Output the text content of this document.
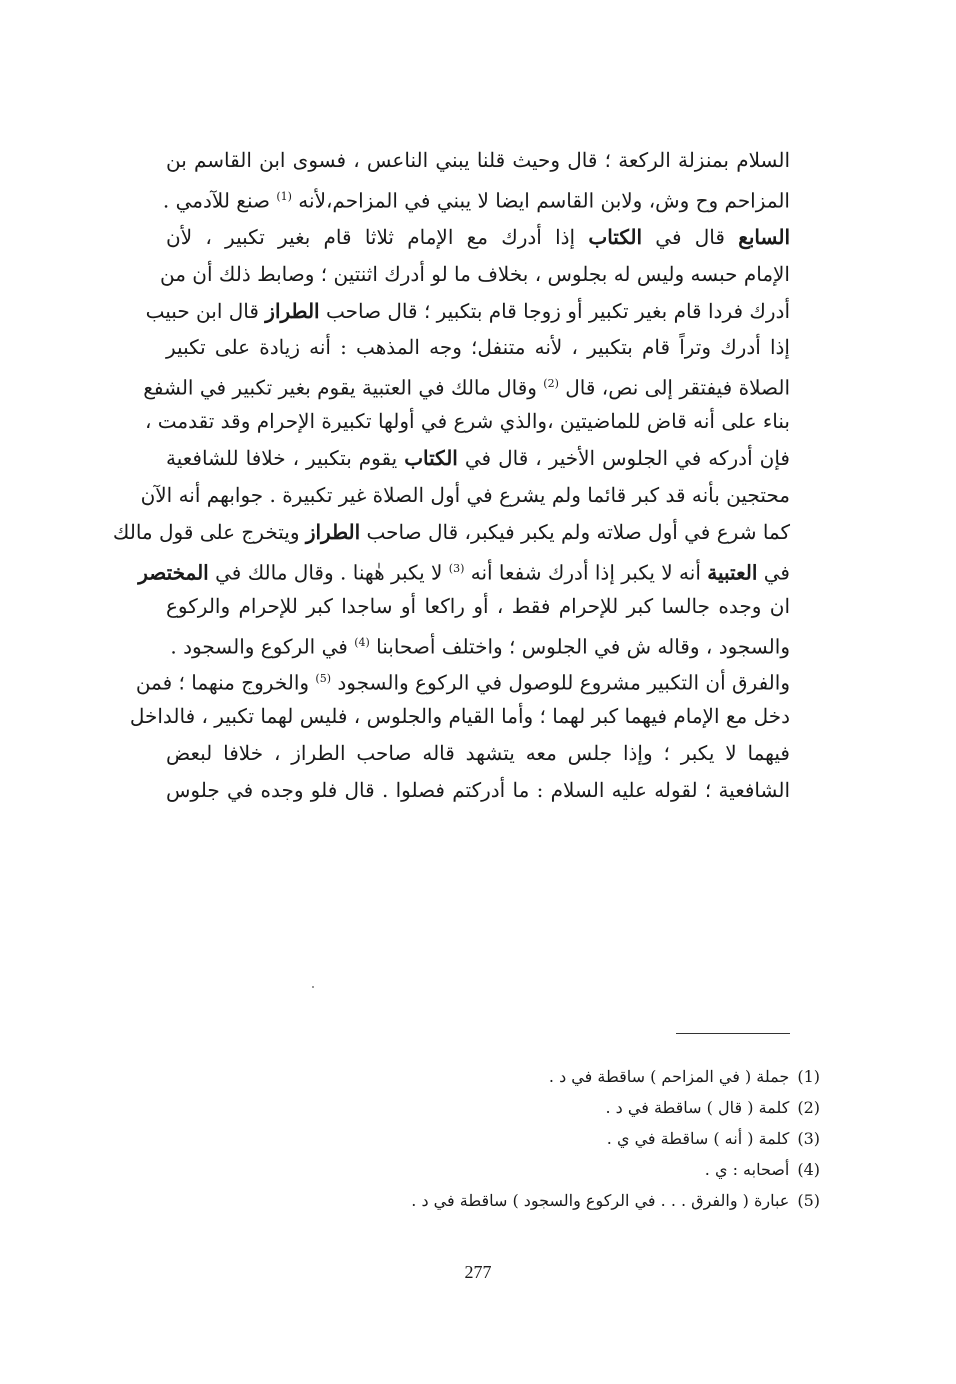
السلام بمنزلة الركعة ؛ قال وحيث قلنا يبني الناعس ، فسوى ابن القاسم بن
المزاحم وح وش، ولابن القاسم ايضا لا يبني في المزاحم،لأنه $^{(1)}$ صنع للآدمي .
السابع قال في الكتاب إذا أدرك مع الإمام ثلاثا قام بغير تكبير ، لأن
الإمام حبسه وليس له بجلوس ، بخلاف ما لو أدرك اثنتين ؛ وصابط ذلك أن من
أدرك فردا قام بغير تكبير أو زوجا قام بتكبير ؛ قال صاحب الطراز قال ابن حبيب
إذا أدرك وتراً قام بتكبير ، لأنه متنفل؛ وجه المذهب : أنه زيادة على تكبير
الصلاة فيفتقر إلى نص، قال $^{(2)}$ وقال مالك في العتبية يقوم بغير تكبير في الشفع
بناء على أنه قاض للماضيتين ،والذي شرع في أولها تكبيرة الإحرام وقد تقدمت ،
فإن أدركه في الجلوس الأخير ، قال في الكتاب يقوم بتكبير ، خلافا للشافعية
محتجين بأنه قد كبر قائما ولم يشرع في أول الصلاة غير تكبيرة . جوابهم أنه الآن
كما شرع في أول صلاته ولم يكبر فيكبر، قال صاحب الطراز ويتخرج على قول مالك
في العتبية أنه لا يكبر إذا أدرك شفعا أنه $^{(3)}$ لا يكبر هٰهنا . وقال مالك في المختصر
ان وجده جالسا كبر للإحرام فقط ، أو راكعا أو ساجدا كبر للإحرام والركوع
والسجود ، وقاله ش في الجلوس ؛ واختلف أصحابنا $^{(4)}$ في الركوع والسجود .
والفرق أن التكبير مشروع للوصول في الركوع والسجود $^{(5)}$ والخروج منهما ؛ فمن
دخل مع الإمام فيهما كبر لهما ؛ وأما القيام والجلوس ، فليس لهما تكبير ، فالداخل
فيهما لا يكبر ؛ وإذا جلس معه يتشهد قاله صاحب الطراز ، خلافا لبعض
الشافعية ؛ لقوله عليه السلام : ما أدركتم فصلوا . قال فلو وجده في جلوس
(1)جملة ( في المزاحم ) ساقطة في د .
(2)كلمة ( قال ) ساقطة في د .
(3)كلمة ( أنه ) ساقطة في ي .
(4)أصحابه : ي .
(5)عبارة ( والفرق . . . في الركوع والسجود ) ساقطة في د .
277
